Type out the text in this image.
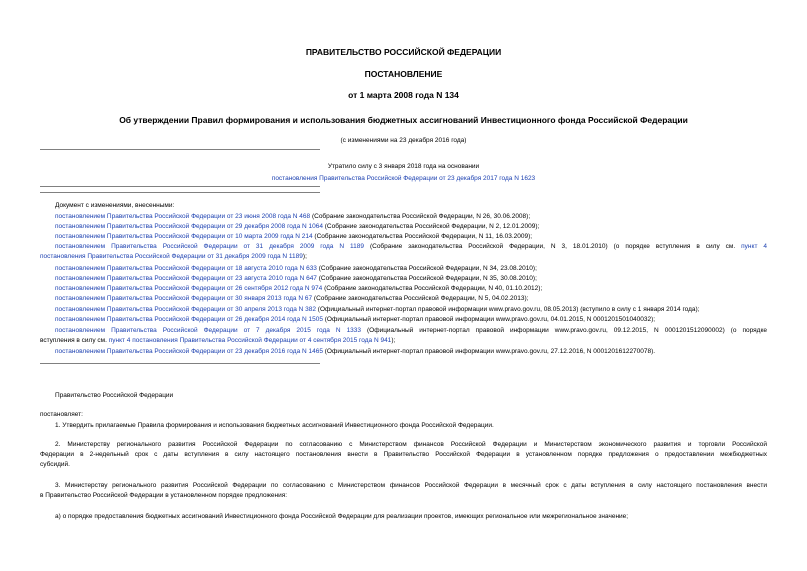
ПРАВИТЕЛЬСТВО РОССИЙСКОЙ ФЕДЕРАЦИИ
ПОСТАНОВЛЕНИЕ
от 1 марта 2008 года N 134
Об утверждении Правил формирования и использования бюджетных ассигнований Инвестиционного фонда Российской Федерации
(с изменениями на 23 декабря 2016 года)
Утратило силу с 3 января 2018 года на основании
постановления Правительства Российской Федерации от 23 декабря 2017 года N 1623
Документ с изменениями, внесенными:
постановлением Правительства Российской Федерации от 23 июня 2008 года N 468 (Собрание законодательства Российской Федерации, N 26, 30.06.2008);
постановлением Правительства Российской Федерации от 29 декабря 2008 года N 1064 (Собрание законодательства Российской Федерации, N 2, 12.01.2009);
постановлением Правительства Российской Федерации от 10 марта 2009 года N 214 (Собрание законодательства Российской Федерации, N 11, 16.03.2009);
постановлением Правительства Российской Федерации от 31 декабря 2009 года N 1189 (Собрание законодательства Российской Федерации, N 3, 18.01.2010) (о порядке вступления в силу см. пункт 4
постановления Правительства Российской Федерации от 31 декабря 2009 года N 1189);
постановлением Правительства Российской Федерации от 18 августа 2010 года N 633 (Собрание законодательства Российской Федерации, N 34, 23.08.2010);
постановлением Правительства Российской Федерации от 23 августа 2010 года N 647 (Собрание законодательства Российской Федерации, N 35, 30.08.2010);
постановлением Правительства Российской Федерации от 26 сентября 2012 года N 974 (Собрание законодательства Российской Федерации, N 40, 01.10.2012);
постановлением Правительства Российской Федерации от 30 января 2013 года N 67 (Собрание законодательства Российской Федерации, N 5, 04.02.2013);
постановлением Правительства Российской Федерации от 30 апреля 2013 года N 382 (Официальный интернет-портал правовой информации www.pravo.gov.ru, 08.05.2013) (вступило в силу с 1 января 2014 года);
постановлением Правительства Российской Федерации от 26 декабря 2014 года N 1505 (Официальный интернет-портал правовой информации www.pravo.gov.ru, 04.01.2015, N 0001201501040032);
постановлением Правительства Российской Федерации от 7 декабря 2015 года N 1333 (Официальный интернет-портал правовой информации www.pravo.gov.ru, 09.12.2015, N 0001201512090002) (о порядке
вступления в силу см. пункт 4 постановления Правительства Российской Федерации от 4 сентября 2015 года N 941);
постановлением Правительства Российской Федерации от 23 декабря 2016 года N 1465 (Официальный интернет-портал правовой информации www.pravo.gov.ru, 27.12.2016, N 0001201612270078).
Правительство Российской Федерации
постановляет:
1. Утвердить прилагаемые Правила формирования и использования бюджетных ассигнований Инвестиционного фонда Российской Федерации.
2. Министерству регионального развития Российской Федерации по согласованию с Министерством финансов Российской Федерации и Министерством экономического развития и торговли Российской
Федерации в 2-недельный срок с даты вступления в силу настоящего постановления внести в Правительство Российской Федерации в установленном порядке предложения о предоставлении межбюджетных
субсидий.
3. Министерству регионального развития Российской Федерации по согласованию с Министерством финансов Российской Федерации в месячный срок с даты вступления в силу настоящего постановления внести
в Правительство Российской Федерации в установленном порядке предложения:
а) о порядке предоставления бюджетных ассигнований Инвестиционного фонда Российской Федерации для реализации проектов, имеющих региональное или межрегиональное значение;
